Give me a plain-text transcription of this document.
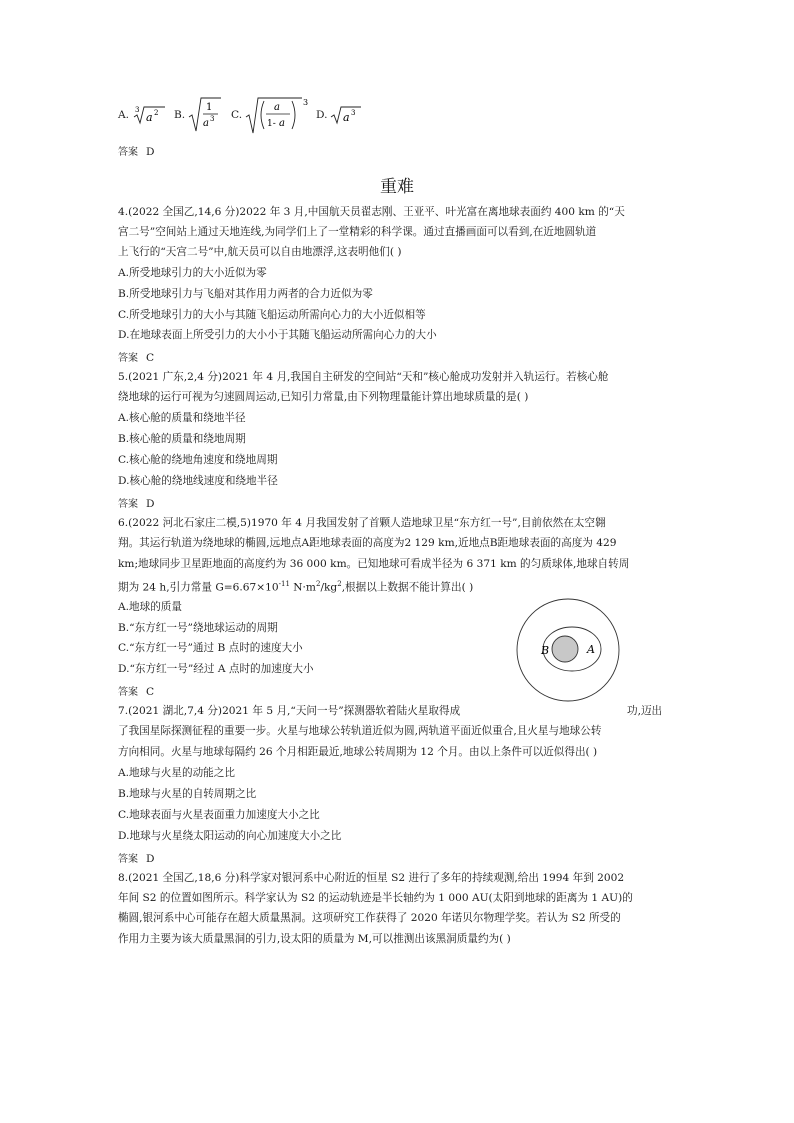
A. 3
a 2 B.
1
a 3 C.
a
1- a
3
D. a 3
答案 D
重难
4.(2022 全国乙,14,6 分)2022 年 3 月,中国航天员翟志刚、王亚平、叶光富在离地球表面约 400 km 的“天
宫二号”空间站上通过天地连线,为同学们上了一堂精彩的科学课。通过直播画面可以看到,在近地圆轨道
上飞行的“天宫二号”中,航天员可以自由地漂浮,这表明他们( )
A.所受地球引力的大小近似为零
B.所受地球引力与飞船对其作用力两者的合力近似为零
C.所受地球引力的大小与其随飞船运动所需向心力的大小近似相等
D.在地球表面上所受引力的大小小于其随飞船运动所需向心力的大小
答案 C
5.(2021 广东,2,4 分)2021 年 4 月,我国自主研发的空间站“天和”核心舱成功发射并入轨运行。若核心舱
绕地球的运行可视为匀速圆周运动,已知引力常量,由下列物理量能计算出地球质量的是( )
A.核心舱的质量和绕地半径
B.核心舱的质量和绕地周期
C.核心舱的绕地角速度和绕地周期
D.核心舱的绕地线速度和绕地半径
答案 D
6.(2022 河北石家庄二模,5)1970 年 4 月我国发射了首颗人造地球卫星“东方红一号”,目前依然在太空翱
翔。其运行轨道为绕地球的椭圆,远地点A距地球表面的高度为2 129 km,近地点B距地球表面的高度为 429
km;地球同步卫星距地面的高度约为 36 000 km。已知地球可看成半径为 6 371 km 的匀质球体,地球自转周
期为 24 h,引力常量 $G=6.67\times 10^{-11}$ $N\cdot m^2/kg^2$,根据以上数据不能计算出( )
A.地球的质量
B.“东方红一号”绕地球运动的周期
C.“东方红一号”通过 B 点时的速度大小
D.“东方红一号”经过 A 点时的加速度大小
答案 C
B	A
7.(2021 湖北,7,4 分)2021 年 5 月,“天问一号”探测器软着陆火星取得成	功,迈出
了我国星际探测征程的重要一步。火星与地球公转轨道近似为圆,两轨道平面近似重合,且火星与地球公转
方向相同。火星与地球每隔约 26 个月相距最近,地球公转周期为 12 个月。由以上条件可以近似得出( )
A.地球与火星的动能之比
B.地球与火星的自转周期之比
C.地球表面与火星表面重力加速度大小之比
D.地球与火星绕太阳运动的向心加速度大小之比
答案 D
8.(2021 全国乙,18,6 分)科学家对银河系中心附近的恒星 S2 进行了多年的持续观测,给出 1994 年到 2002
年间 S2 的位置如图所示。科学家认为 S2 的运动轨迹是半长轴约为 1 000 AU(太阳到地球的距离为 1 AU)的
椭圆,银河系中心可能存在超大质量黑洞。这项研究工作获得了 2020 年诺贝尔物理学奖。若认为 S2 所受的
作用力主要为该大质量黑洞的引力,设太阳的质量为 M,可以推测出该黑洞质量约为( )
